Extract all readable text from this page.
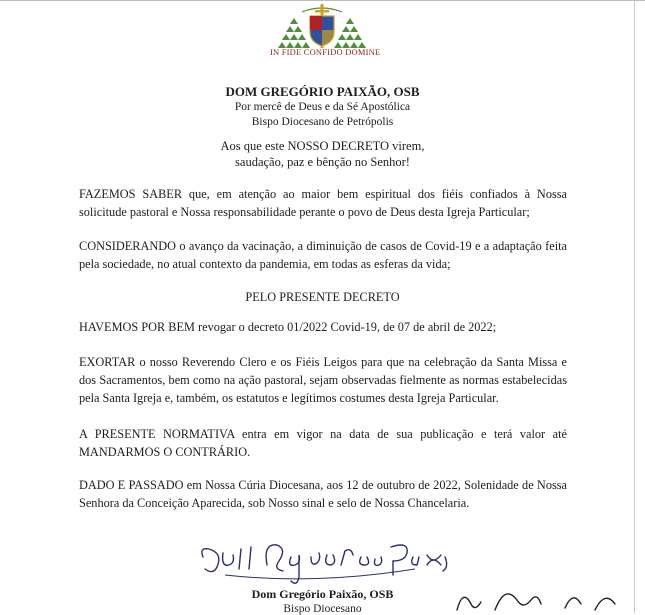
IN FIDE CONFIDO DOMINE
DOM GREGÓRIO PAIXÃO, OSB
Por mercê de Deus e da Sé Apostólica
Bispo Diocesano de Petrópolis
Aos que este NOSSO DECRETO virem,
saudação, paz e bênção no Senhor!
FAZEMOS SABER que, em atenção ao maior bem espiritual dos fiéis confiados à Nossa solicitude pastoral e Nossa responsabilidade perante o povo de Deus desta Igreja Particular;
CONSIDERANDO o avanço da vacinação, a diminuição de casos de Covid-19 e a adaptação feita pela sociedade, no atual contexto da pandemia, em todas as esferas da vida;
PELO PRESENTE DECRETO
HAVEMOS POR BEM revogar o decreto 01/2022 Covid-19, de 07 de abril de 2022;
EXORTAR o nosso Reverendo Clero e os Fiéis Leigos para que na celebração da Santa Missa e dos Sacramentos, bem como na ação pastoral, sejam observadas fielmente as normas estabelecidas pela Santa Igreja e, também, os estatutos e legítimos costumes desta Igreja Particular.
A PRESENTE NORMATIVA entra em vigor na data de sua publicação e terá valor até MANDARMOS O CONTRÁRIO.
DADO E PASSADO em Nossa Cúria Diocesana, aos 12 de outubro de 2022, Solenidade de Nossa Senhora da Conceição Aparecida, sob Nosso sinal e selo de Nossa Chancelaria.
Dom Gregório Paixão, OSB
Bispo Diocesano
